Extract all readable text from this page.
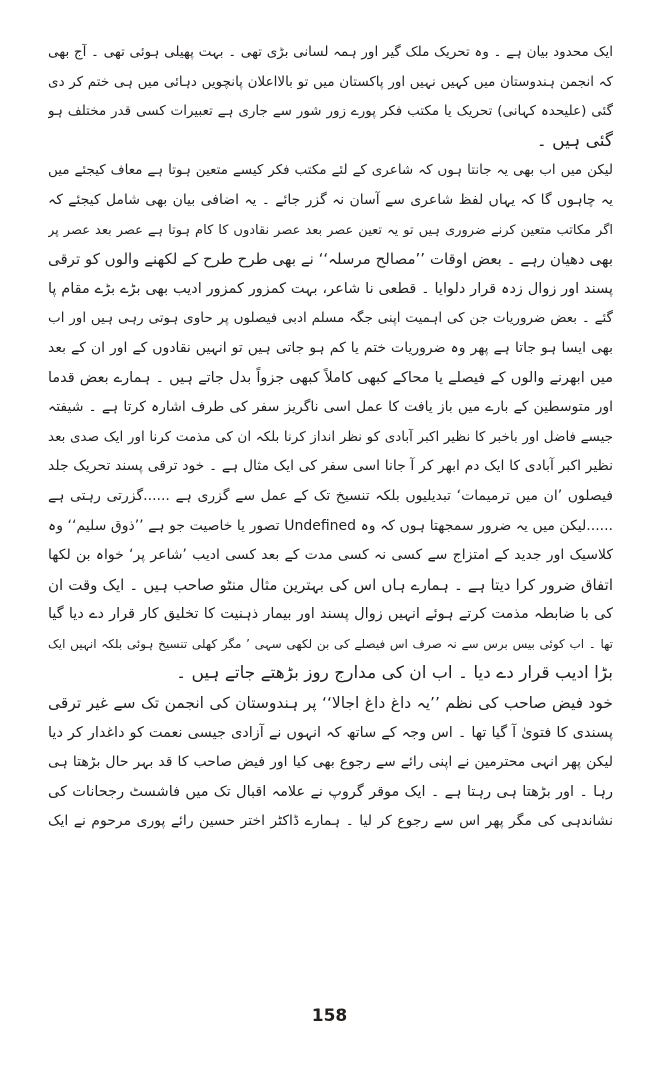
ایک محدود بیان ہے ۔ وہ تحریک ملک گیر اور ہمہ لسانی بڑی تھی ۔ بہت پھیلی ہوئی تھی ۔ آج بھی
کہ انجمن ہندوستان میں کہیں نہیں اور پاکستان میں تو بالااعلان پانچویں دہائی میں ہی ختم کر دی
گئی (علیحدہ کہانی) تحریک یا مکتب فکر پورے زور شور سے جاری ہے تعبیرات کسی قدر مختلف ہو
گئی ہیں ۔
لیکن میں اب بھی یہ جانتا ہوں کہ شاعری کے لئے مکتب فکر کیسے متعین ہوتا ہے معاف کیجئے میں
یہ چاہوں گا کہ یہاں لفظ شاعری سے آسان نہ گزر جائے ۔ یہ اضافی بیان بھی شامل کیجئے کہ
اگر مکاتب متعین کرنے ضروری ہیں تو یہ تعین عصر بعد عصر نقادوں کا کام ہوتا ہے عصر بعد عصر پر
بھی دھیان رہے ۔ بعض اوقات ’’مصالح مرسلہ‘‘ نے بھی طرح طرح کے لکھنے والوں کو ترقی
پسند اور زوال زدہ قرار دلوایا ۔ قطعی نا شاعر، بہت کمزور کمزور ادیب بھی بڑے بڑے مقام پا
گئے ۔ بعض ضروریات جن کی اہمیت اپنی جگہ مسلم ادبی فیصلوں پر حاوی ہوتی رہی ہیں اور اب
بھی ایسا ہو جاتا ہے پھر وہ ضروریات ختم یا کم ہو جاتی ہیں تو انہیں نقادوں کے اور ان کے بعد
میں ابھرنے والوں کے فیصلے یا محاکے کبھی کاملاً کبھی جزواً بدل جاتے ہیں ۔ ہمارے بعض قدما
اور متوسطین کے بارے میں باز یافت کا عمل اسی ناگریز سفر کی طرف اشارہ کرتا ہے ۔ شیفتہ
جیسے فاضل اور باخبر کا نظیر اکبر آبادی کو نظر انداز کرنا بلکہ ان کی مذمت کرنا اور ایک صدی بعد
نظیر اکبر آبادی کا ایک دم ابھر کر آ جانا اسی سفر کی ایک مثال ہے ۔ خود ترقی پسند تحریک جلد
فیصلوں ’ان میں ترمیمات‘ تبدیلیوں بلکہ تنسیخ تک کے عمل سے گزری ہے ......گزرتی رہتی ہے
......لیکن میں یہ ضرور سمجھتا ہوں کہ وہ Undefined تصور یا خاصیت جو ہے ’’ذوق سلیم‘‘ وہ
کلاسیک اور جدید کے امتزاج سے کسی نہ کسی مدت کے بعد کسی ادیب ’شاعر پر‘ خواہ بن لکھا
اتفاق ضرور کرا دیتا ہے ۔ ہمارے ہاں اس کی بہترین مثال منٹو صاحب ہیں ۔ ایک وقت ان
کی با ضابطہ مذمت کرتے ہوئے انہیں زوال پسند اور بیمار ذہنیت کا تخلیق کار قرار دے دیا گیا
تھا ۔ اب کوئی بیس برس سے نہ صرف اس فیصلے کی بن لکھی سہی ’ مگر کھلی تنسیخ ہوئی بلکہ انہیں ایک
بڑا ادیب قرار دے دیا ۔ اب ان کی مدارج روز بڑھتے جاتے ہیں ۔
خود فیض صاحب کی نظم ’’یہ داغ داغ اجالا‘‘ پر ہندوستان کی انجمن تک سے غیر ترقی
پسندی کا فتویٰ آ گیا تھا ۔ اس وجہ کے ساتھ کہ انہوں نے آزادی جیسی نعمت کو داغدار کر دیا
لیکن پھر انہی محترمین نے اپنی رائے سے رجوع بھی کیا اور فیض صاحب کا قد بہر حال بڑھتا ہی
رہا ۔ اور بڑھتا ہی رہتا ہے ۔ ایک موقر گروپ نے علامہ اقبال تک میں فاشسٹ رجحانات کی
نشاندہی کی مگر پھر اس سے رجوع کر لیا ۔ ہمارے ڈاکٹر اختر حسین رائے پوری مرحوم نے ایک
158
